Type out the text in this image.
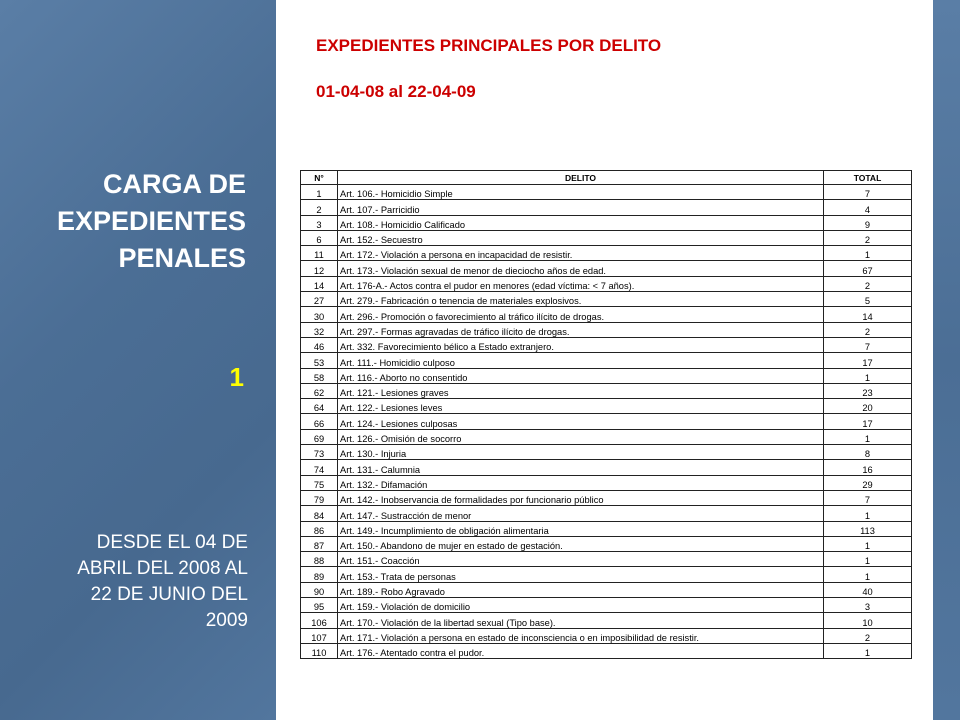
CARGA DE
EXPEDIENTES
PENALES
1
DESDE EL 04 DE
ABRIL DEL 2008 AL
22 DE JUNIO DEL
2009
EXPEDIENTES PRINCIPALES POR DELITO
01-04-08 al 22-04-09
N°	DELITO	TOTAL
1	Art. 106.- Homicidio Simple	7
2	Art. 107.- Parricidio	4
3	Art. 108.- Homicidio Calificado	9
6	Art. 152.- Secuestro	2
11	Art. 172.- Violación a persona en incapacidad de resistir.	1
12	Art. 173.- Violación sexual de menor de dieciocho años de edad.	67
14	Art. 176-A.- Actos contra el pudor en menores (edad víctima: < 7 años).	2
27	Art. 279.- Fabricación o tenencia de materiales explosivos.	5
30	Art. 296.- Promoción o favorecimiento al tráfico ilícito de drogas.	14
32	Art. 297.- Formas agravadas de tráfico ilícito de drogas.	2
46	Art. 332. Favorecimiento bélico a Estado extranjero.	7
53	Art. 111.- Homicidio culposo	17
58	Art. 116.- Aborto no consentido	1
62	Art. 121.- Lesiones graves	23
64	Art. 122.- Lesiones leves	20
66	Art. 124.- Lesiones culposas	17
69	Art. 126.- Omisión de socorro	1
73	Art. 130.- Injuria	8
74	Art. 131.- Calumnia	16
75	Art. 132.- Difamación	29
79	Art. 142.- Inobservancia de formalidades por funcionario público	7
84	Art. 147.- Sustracción de menor	1
86	Art. 149.- Incumplimiento de obligación alimentaria	113
87	Art. 150.- Abandono de mujer en estado de gestación.	1
88	Art. 151.- Coacción	1
89	Art. 153.- Trata de personas	1
90	Art. 189.- Robo Agravado	40
95	Art. 159.- Violación de domicilio	3
106	Art. 170.- Violación de la libertad sexual (Tipo base).	10
107	Art. 171.- Violación a persona en estado de inconsciencia o en imposibilidad de resistir.	2
110	Art. 176.- Atentado contra el pudor.	1
